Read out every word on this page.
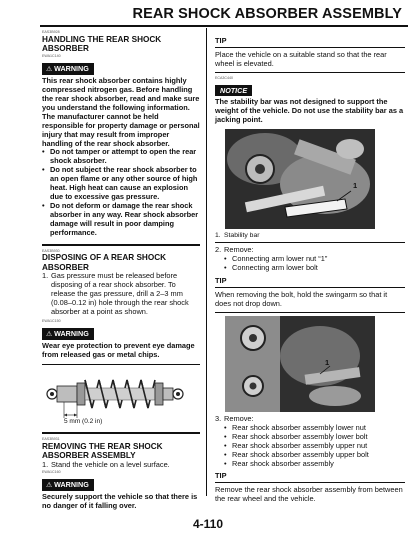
REAR SHOCK ABSORBER ASSEMBLY
EAS3B928
HANDLING THE REAR SHOCK ABSORBER
EWA1C140
⚠ WARNING
This rear shock absorber contains highly compressed nitrogen gas. Before handling the rear shock absorber, read and make sure you understand the following information. The manufacturer cannot be held responsible for property damage or personal injury that may result from improper handling of the rear shock absorber.
• Do not tamper or attempt to open the rear shock absorber.
• Do not subject the rear shock absorber to an open flame or any other source of high heat. High heat can cause an explosion due to excessive gas pressure.
• Do not deform or damage the rear shock absorber in any way. Rear shock absorber damage will result in poor damping performance.
EAS3B930
DISPOSING OF A REAR SHOCK ABSORBER
1. Gas pressure must be released before disposing of a rear shock absorber. To release the gas pressure, drill a 2–3 mm (0.08–0.12 in) hole through the rear shock absorber at a point as shown.
EWA1C150
⚠ WARNING
Wear eye protection to prevent eye damage from released gas or metal chips.
5 mm (0.2 in)
EAS3B931
REMOVING THE REAR SHOCK ABSORBER ASSEMBLY
1. Stand the vehicle on a level surface.
EWA1C160
⚠ WARNING
Securely support the vehicle so that there is no danger of it falling over.
TIP
Place the vehicle on a suitable stand so that the rear wheel is elevated.
ECA3C440
NOTICE
The stability bar was not designed to support the weight of the vehicle. Do not use the stability bar as a jacking point.
1
1. Stability bar
2. Remove:
• Connecting arm lower nut “1”
• Connecting arm lower bolt
TIP
When removing the bolt, hold the swingarm so that it does not drop down.
1
3. Remove:
• Rear shock absorber assembly lower nut
• Rear shock absorber assembly lower bolt
• Rear shock absorber assembly upper nut
• Rear shock absorber assembly upper bolt
• Rear shock absorber assembly
TIP
Remove the rear shock absorber assembly from between the rear wheel and the vehicle.
4-110
